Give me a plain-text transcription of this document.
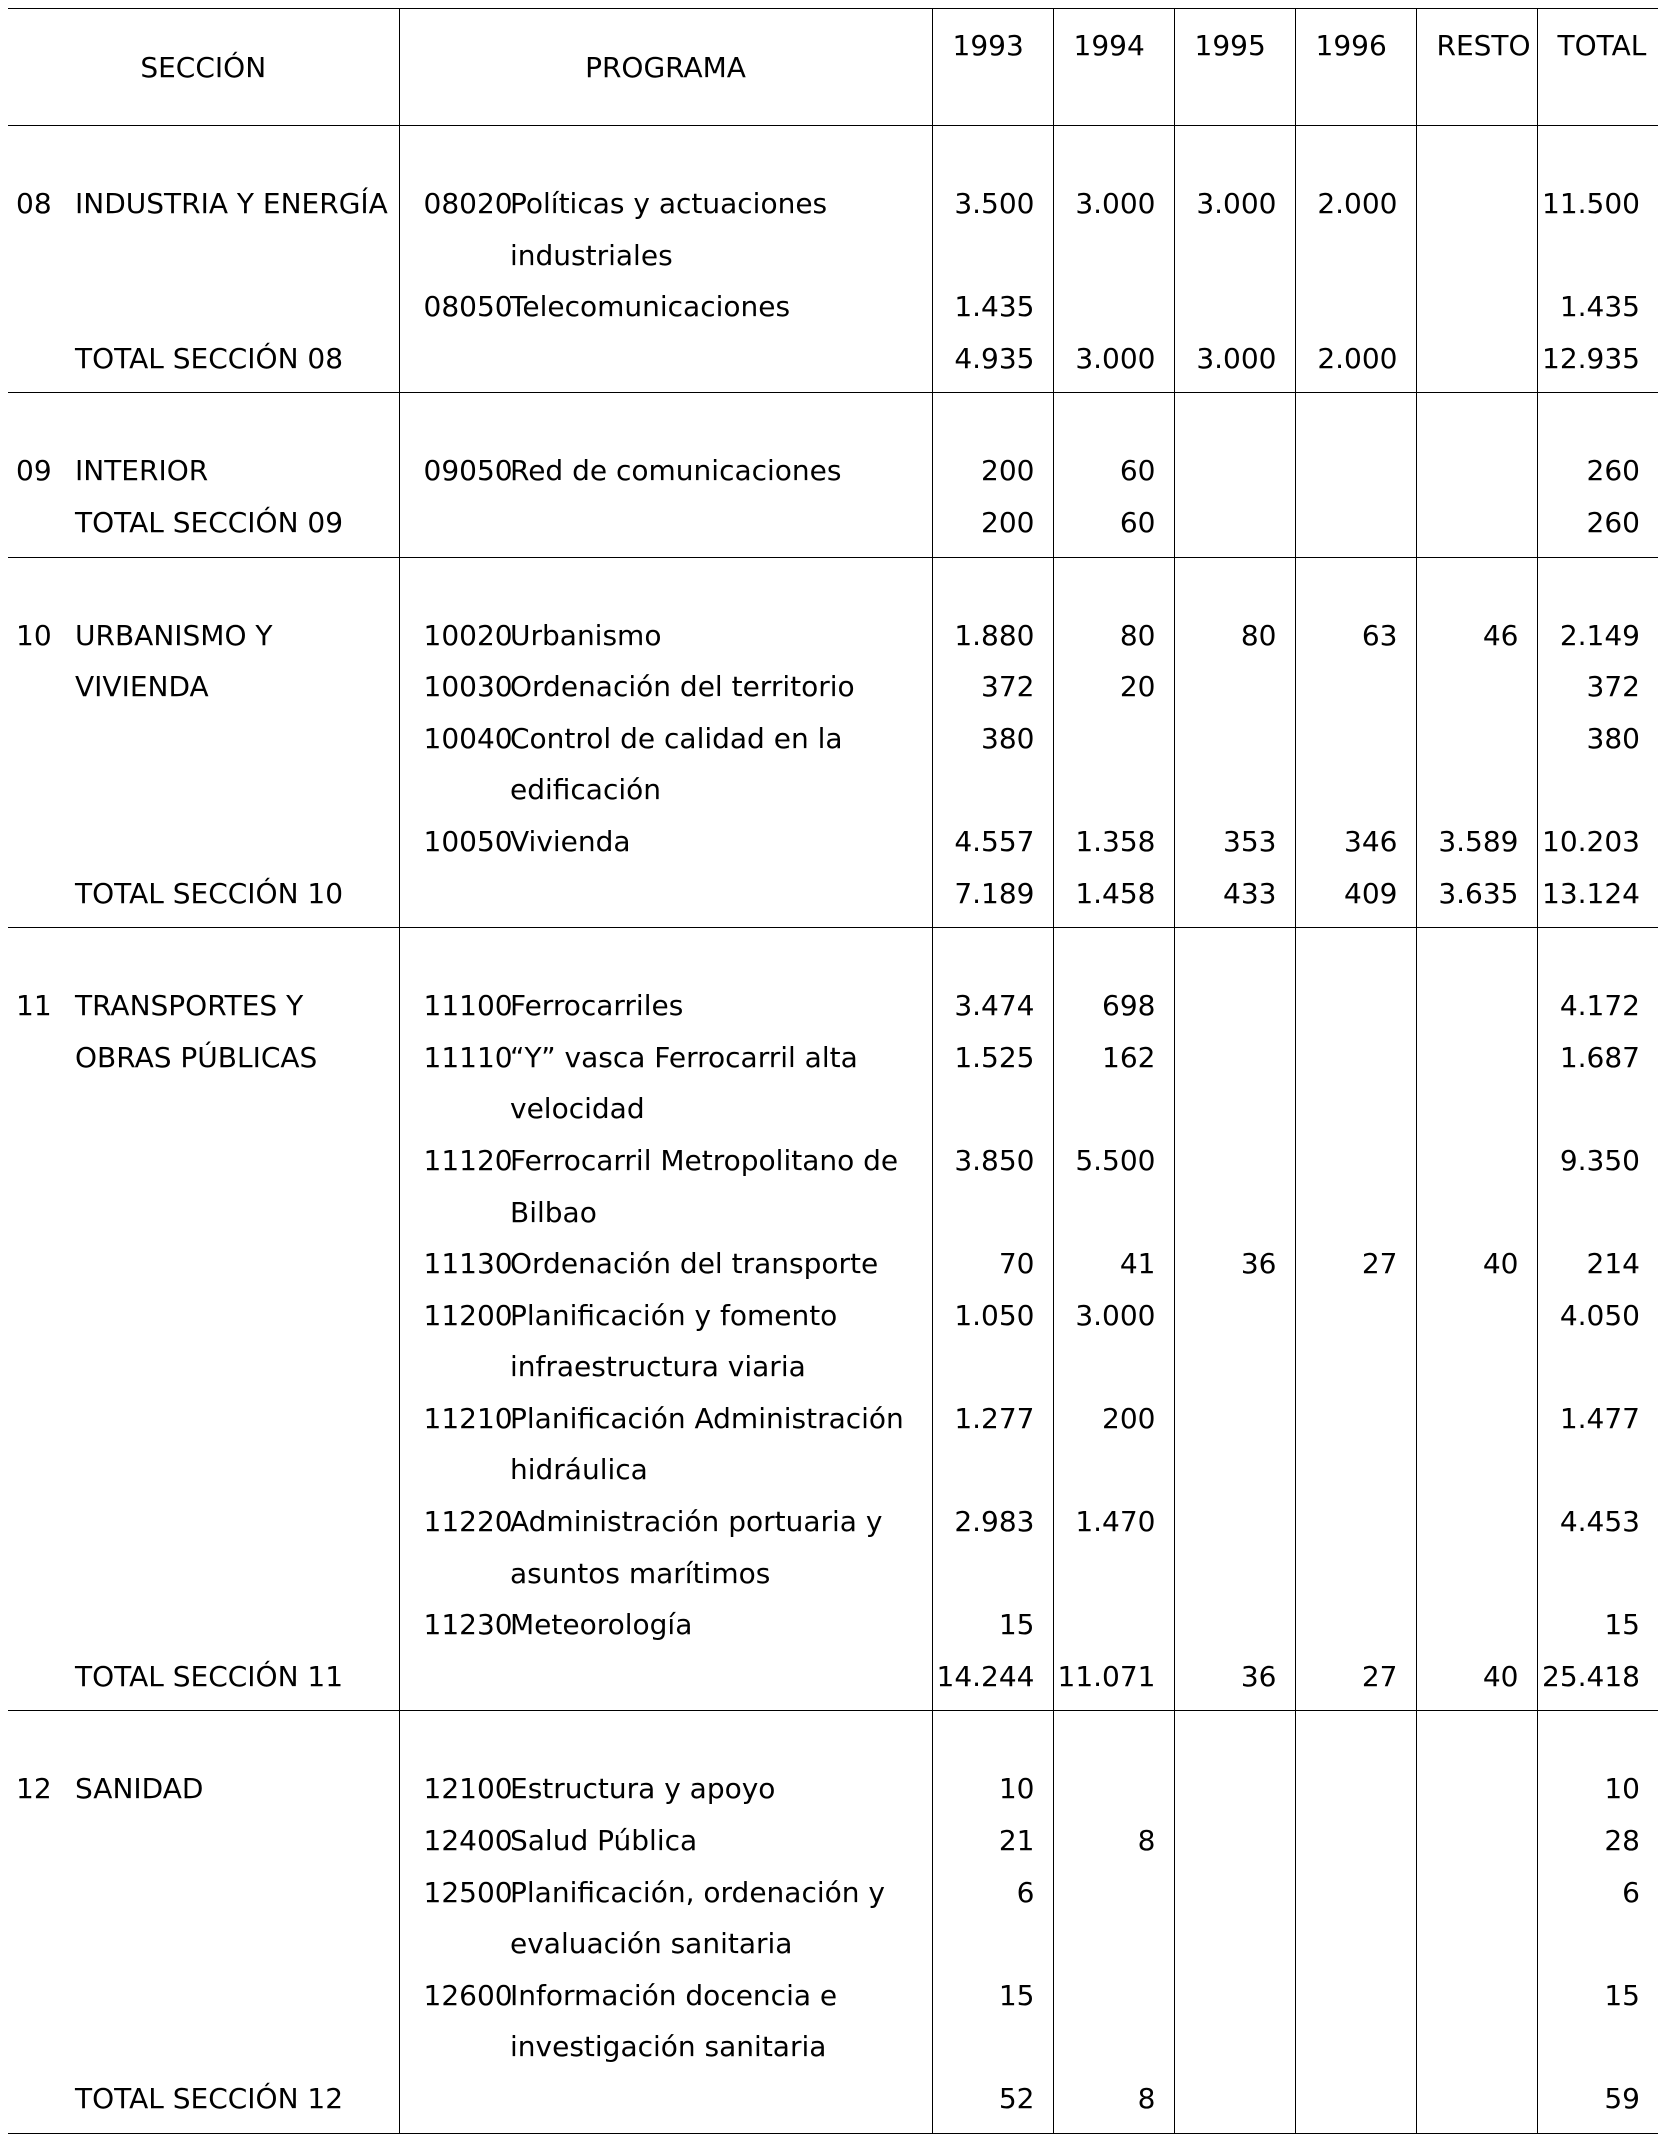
SECCIÓN		PROGRAMA		1993	1994	1995	1996	RESTO	TOTAL

08	INDUSTRIA Y ENERGÍA	08020	Políticas y actuaciones	3.500	3.000	3.000	2.000		11.500
			industriales						
		08050	Telecomunicaciones	1.435					1.435
	TOTAL SECCIÓN 08			4.935	3.000	3.000	2.000		12.935

09	INTERIOR	09050	Red de comunicaciones	200	60				260
	TOTAL SECCIÓN 09			200	60				260

10	URBANISMO Y	10020	Urbanismo	1.880	80	80	63	46	2.149
	VIVIENDA	10030	Ordenación del territorio	372	20				372
		10040	Control de calidad en la	380					380
			edificación						
		10050	Vivienda	4.557	1.358	353	346	3.589	10.203
	TOTAL SECCIÓN 10			7.189	1.458	433	409	3.635	13.124

11	TRANSPORTES Y	11100	Ferrocarriles	3.474	698				4.172
	OBRAS PÚBLICAS	11110	“Y” vasca Ferrocarril alta	1.525	162				1.687
			velocidad						
		11120	Ferrocarril Metropolitano de	3.850	5.500				9.350
			Bilbao						
		11130	Ordenación del transporte	70	41	36	27	40	214
		11200	Planificación y fomento	1.050	3.000				4.050
			infraestructura viaria						
		11210	Planificación Administración	1.277	200				1.477
			hidráulica						
		11220	Administración portuaria y	2.983	1.470				4.453
			asuntos marítimos						
		11230	Meteorología	15					15
	TOTAL SECCIÓN 11			14.244	11.071	36	27	40	25.418

12	SANIDAD	12100	Estructura y apoyo	10					10
		12400	Salud Pública	21	8				28
		12500	Planificación, ordenación y	6					6
			evaluación sanitaria						
		12600	Información docencia e	15					15
			investigación sanitaria						
	TOTAL SECCIÓN 12			52	8				59
